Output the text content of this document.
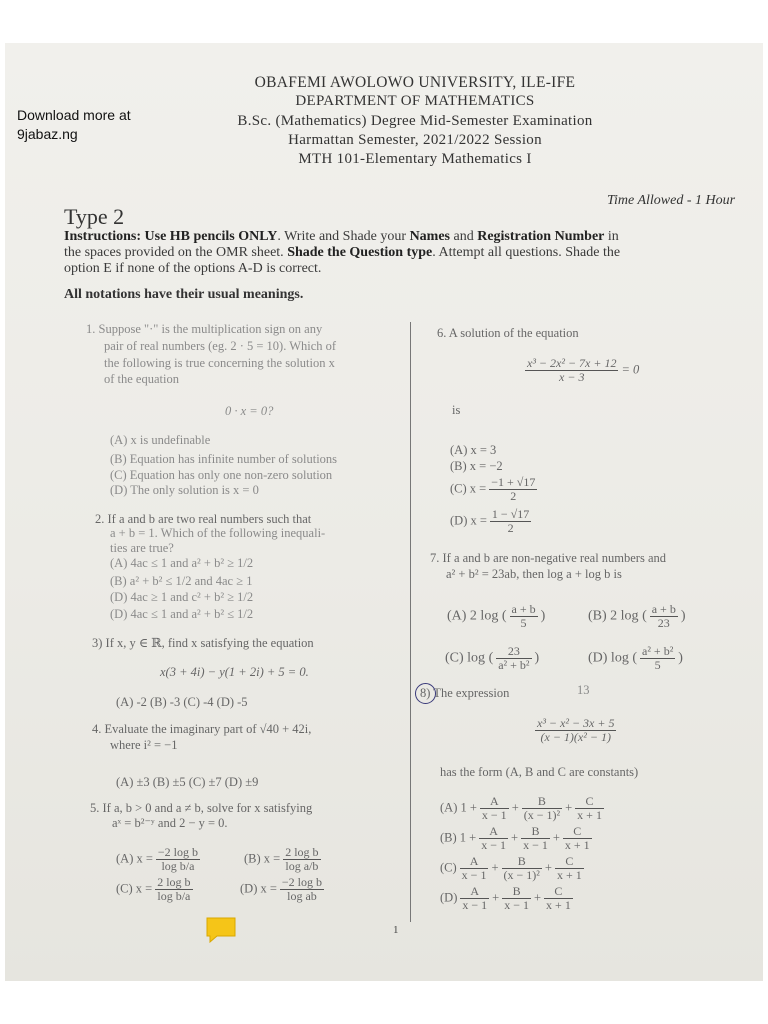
Download more at
9jabaz.ng
OBAFEMI AWOLOWO UNIVERSITY, ILE-IFE
DEPARTMENT OF MATHEMATICS
B.Sc. (Mathematics) Degree Mid-Semester Examination
Harmattan Semester, 2021/2022 Session
MTH 101-Elementary Mathematics I
Time Allowed - 1 Hour
Type 2
Instructions: Use HB pencils ONLY. Write and Shade your Names and Registration Number in
the spaces provided on the OMR sheet. Shade the Question type. Attempt all questions. Shade the
option E if none of the options A-D is correct.
All notations have their usual meanings.
1. Suppose "·" is the multiplication sign on any
pair of real numbers (eg. 2 · 5 = 10). Which of
the following is true concerning the solution x
of the equation
0 · x = 0?
(A) x is undefinable
(B) Equation has infinite number of solutions
(C) Equation has only one non-zero solution
(D) The only solution is x = 0
2. If a and b are two real numbers such that
a + b = 1. Which of the following inequali-
ties are true?
(A) 4ac ≤ 1 and a² + b² ≥ 1/2
(B) a² + b² ≤ 1/2 and 4ac ≥ 1
(D) 4ac ≥ 1 and c² + b² ≥ 1/2
(D) 4ac ≤ 1 and a² + b² ≤ 1/2
3) If x, y ∈ ℝ, find x satisfying the equation
x(3 + 4i) − y(1 + 2i) + 5 = 0.
(A) -2 (B) -3 (C) -4 (D) -5
4. Evaluate the imaginary part of √40 + 42i,
where i² = −1
(A) ±3 (B) ±5 (C) ±7 (D) ±9
5. If a, b > 0 and a ≠ b, solve for x satisfying
aˣ = b²⁻ʸ and 2 − y = 0.
(A) $x = \frac{\text{−2 log b}}{\text{log b/a}}$	(B) $x = \frac{\text{2 log b}}{\text{log a/b}}$
(C) $x = \frac{\text{2 log b}}{\text{log b/a}}$	(D) $x = \frac{\text{−2 log b}}{\text{log ab}}$
6. A solution of the equation
$\frac{\text{x³ − 2x² − 7x + 12}}{x - 3} = 0$
is
(A) x = 3
(B) x = −2
(C) $x = \frac{-1 + √17}{2}$
(D) $x = \frac{1 - √17}{2}$
7. If a and b are non-negative real numbers and
a² + b² = 23ab, then log a + log b is
(A) 2 log ( $\frac{a + b}{5}$ )	(B) 2 log ( $\frac{a + b}{23}$ )
(C) log ( $\frac{23}{\text{a² + b²}}$ )	(D) log ( $\frac{\text{a² + b²}}{5}$ )
8) The expression	13
$\frac{\text{x³ − x² − 3x + 5}}{\text{(x − 1)(x² − 1)}}$
has the form (A, B and C are constants)
(A) $1 + \frac{A}{x - 1} + \frac{B}{\text{(x − 1)²}} + \frac{C}{x + 1}$
(B) $1 + \frac{A}{x - 1} + \frac{B}{x - 1} + \frac{C}{x + 1}$
$(C) \frac{A}{x - 1} + \frac{B}{\text{(x − 1)²}} + \frac{C}{x + 1}$
$(D) \frac{A}{x - 1} + \frac{B}{x - 1} + \frac{C}{x + 1}$
1
